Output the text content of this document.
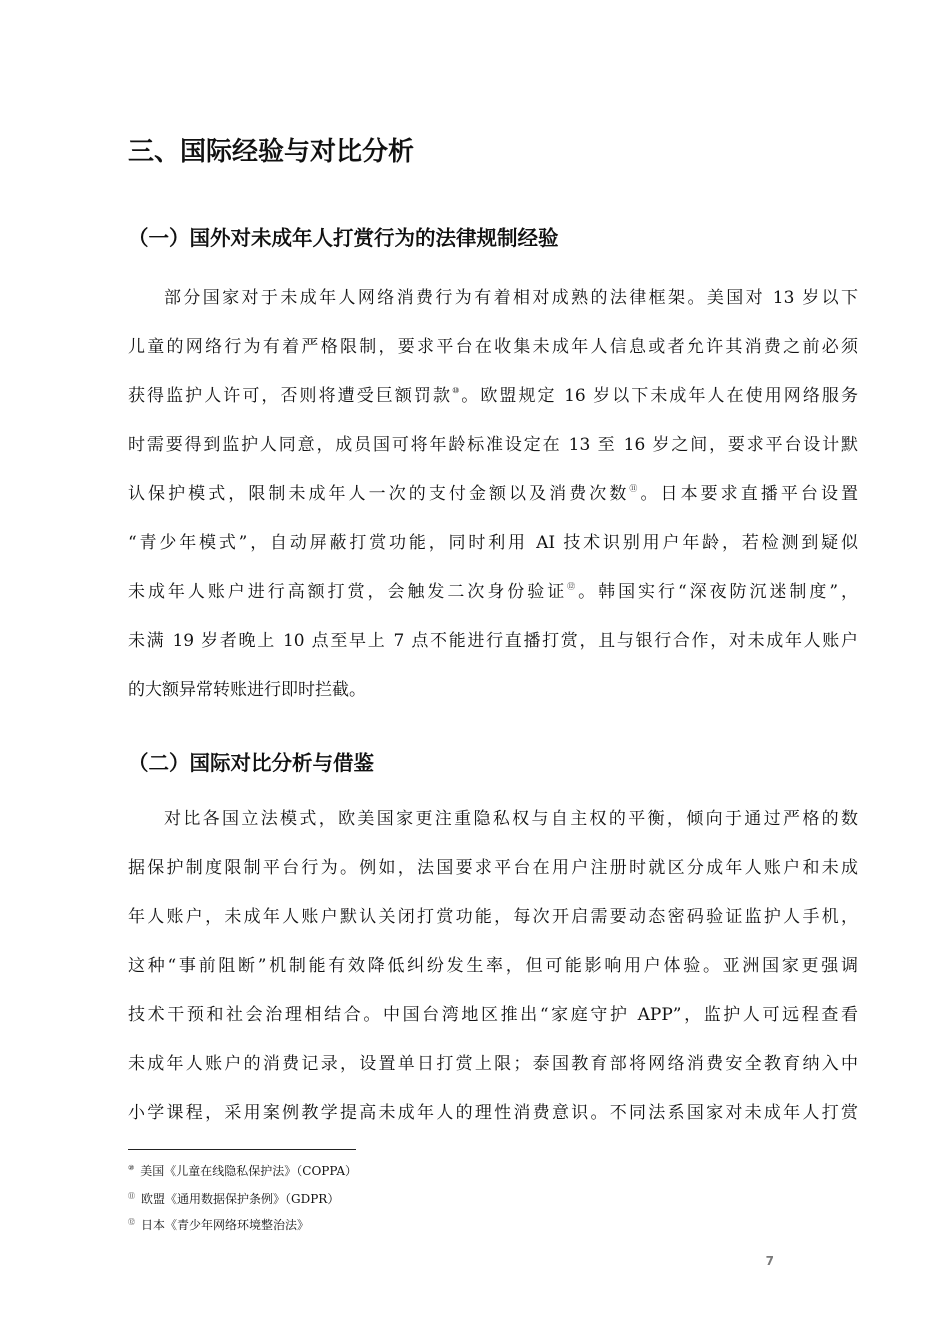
三、国际经验与对比分析
（一）国外对未成年人打赏行为的法律规制经验
部分国家对于未成年人网络消费行为有着相对成熟的法律框架。美国对 13 岁以下
儿童的网络行为有着严格限制，要求平台在收集未成年人信息或者允许其消费之前必须
获得监护人许可，否则将遭受巨额罚款⑩。欧盟规定 16 岁以下未成年人在使用网络服务
时需要得到监护人同意，成员国可将年龄标准设定在 13 至 16 岁之间，要求平台设计默
认保护模式，限制未成年人一次的支付金额以及消费次数⑪。日本要求直播平台设置
“青少年模式”，自动屏蔽打赏功能，同时利用 AI 技术识别用户年龄，若检测到疑似
未成年人账户进行高额打赏，会触发二次身份验证⑫。韩国实行“深夜防沉迷制度”，
未满 19 岁者晚上 10 点至早上 7 点不能进行直播打赏，且与银行合作，对未成年人账户
的大额异常转账进行即时拦截。
（二）国际对比分析与借鉴
对比各国立法模式，欧美国家更注重隐私权与自主权的平衡，倾向于通过严格的数
据保护制度限制平台行为。例如，法国要求平台在用户注册时就区分成年人账户和未成
年人账户，未成年人账户默认关闭打赏功能，每次开启需要动态密码验证监护人手机，
这种“事前阻断”机制能有效降低纠纷发生率，但可能影响用户体验。亚洲国家更强调
技术干预和社会治理相结合。中国台湾地区推出“家庭守护 APP”，监护人可远程查看
未成年人账户的消费记录，设置单日打赏上限；泰国教育部将网络消费安全教育纳入中
小学课程，采用案例教学提高未成年人的理性消费意识。不同法系国家对未成年人打赏
⑩ 美国《儿童在线隐私保护法》（COPPA）
⑪ 欧盟《通用数据保护条例》（GDPR）
⑫ 日本《青少年网络环境整治法》
7
